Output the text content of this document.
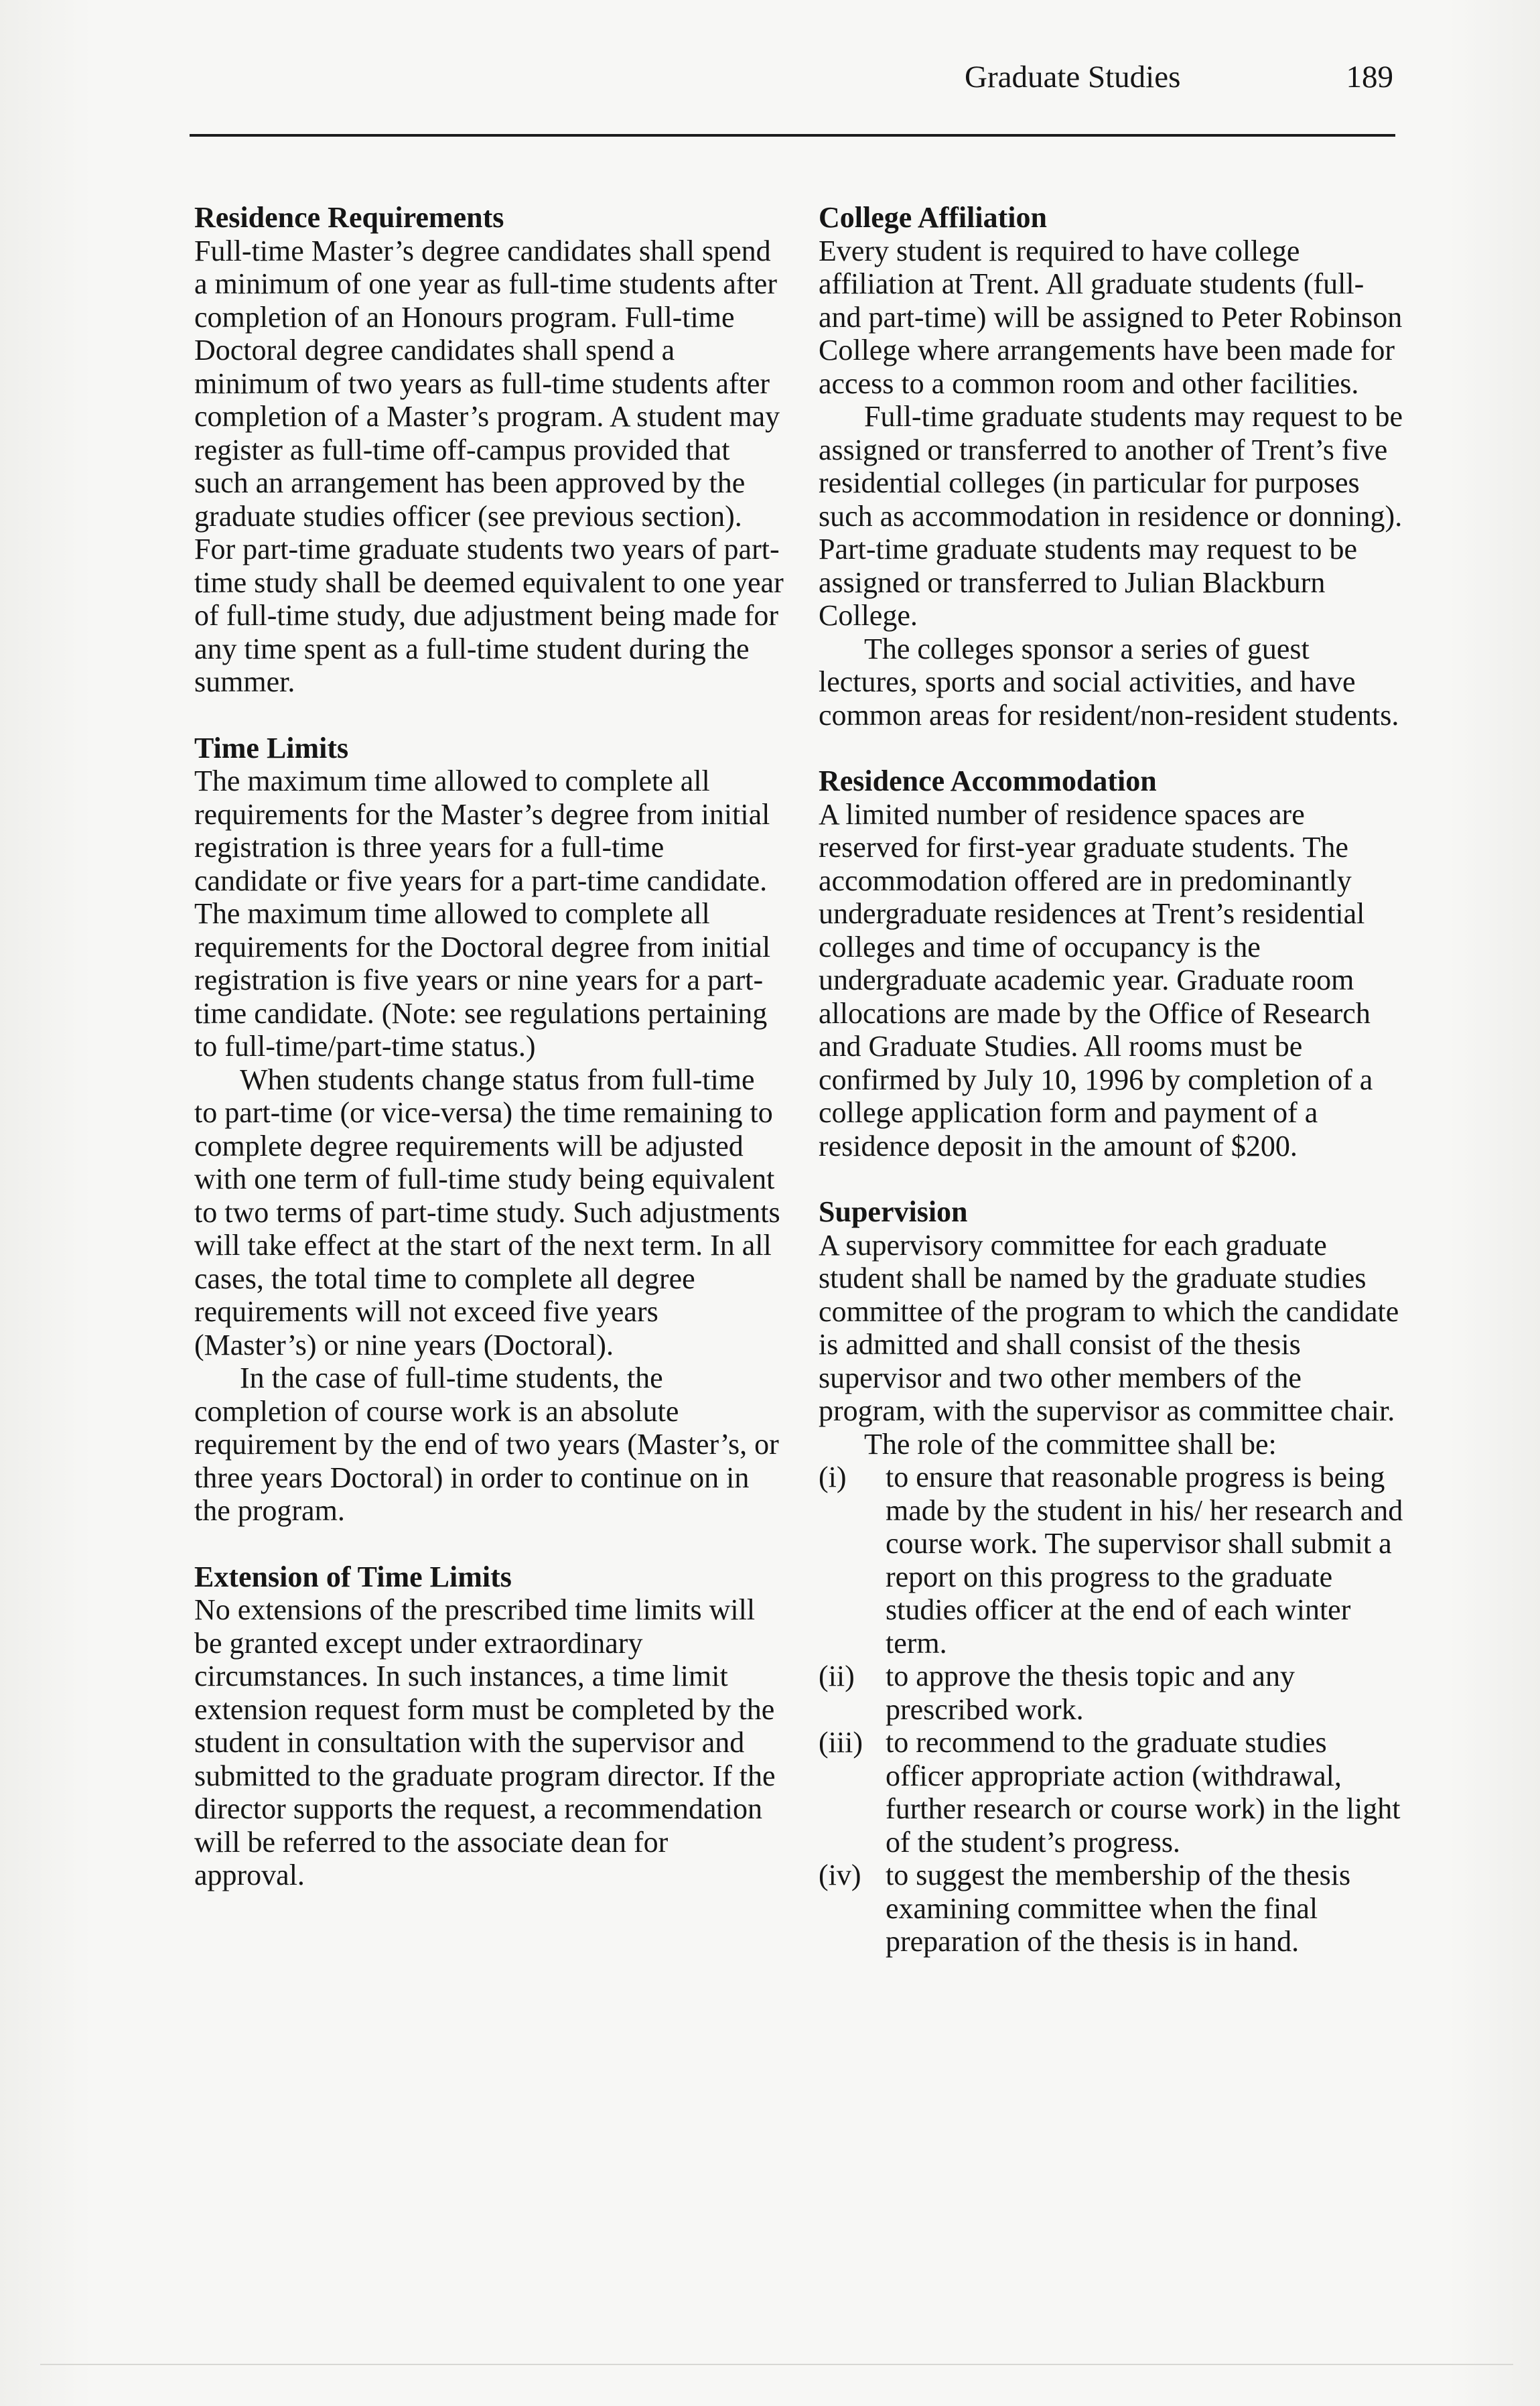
Graduate Studies	189
Residence Requirements

Full-time Master’s degree candidates shall spend a minimum of one year as full-time students after completion of an Honours program. Full-time Doctoral degree candidates shall spend a minimum of two years as full-time students after completion of a Master’s program. A student may register as full-time off-campus provided that such an arrangement has been approved by the graduate studies officer (see previous section). For part-time graduate students two years of part-time study shall be deemed equivalent to one year of full-time study, due adjustment being made for any time spent as a full-time student during the summer.

Time Limits

The maximum time allowed to complete all requirements for the Master’s degree from initial registration is three years for a full-time candidate or five years for a part-time candidate. The maximum time allowed to complete all requirements for the Doctoral degree from initial registration is five years or nine years for a part-time candidate. (Note: see regulations pertaining to full-time/part-time status.)

When students change status from full-time to part-time (or vice-versa) the time remaining to complete degree requirements will be adjusted with one term of full-time study being equivalent to two terms of part-time study. Such adjustments will take effect at the start of the next term. In all cases, the total time to complete all degree requirements will not exceed five years (Master’s) or nine years (Doctoral).

In the case of full-time students, the completion of course work is an absolute requirement by the end of two years (Master’s, or three years Doctoral) in order to continue on in the program.

Extension of Time Limits

No extensions of the prescribed time limits will be granted except under extraordinary circumstances. In such instances, a time limit extension request form must be completed by the student in consultation with the supervisor and submitted to the graduate program director. If the director supports the request, a recommendation will be referred to the associate dean for approval.

College Affiliation

Every student is required to have college affiliation at Trent. All graduate students (full- and part-time) will be assigned to Peter Robinson College where arrangements have been made for access to a common room and other facilities.

Full-time graduate students may request to be assigned or transferred to another of Trent’s five residential colleges (in particular for purposes such as accommodation in residence or donning). Part-time graduate students may request to be assigned or transferred to Julian Blackburn College.

The colleges sponsor a series of guest lectures, sports and social activities, and have common areas for resident/non-resident students.

Residence Accommodation

A limited number of residence spaces are reserved for first-year graduate students. The accommodation offered are in predominantly undergraduate residences at Trent’s residential colleges and time of occupancy is the undergraduate academic year. Graduate room allocations are made by the Office of Research and Graduate Studies. All rooms must be confirmed by July 10, 1996 by completion of a college application form and payment of a residence deposit in the amount of $200.

Supervision

A supervisory committee for each graduate student shall be named by the graduate studies committee of the program to which the candidate is admitted and shall consist of the thesis supervisor and two other members of the program, with the supervisor as committee chair.

The role of the committee shall be:

(i)	to ensure that reasonable progress is being made by the student in his/ her research and course work. The supervisor shall submit a report on this progress to the graduate studies officer at the end of each winter term.
(ii)	to approve the thesis topic and any prescribed work.
(iii) to recommend to the graduate studies officer appropriate action (withdrawal, further research or course work) in the light of the student’s progress.
(iv) to suggest the membership of the thesis examining committee when the final preparation of the thesis is in hand.
